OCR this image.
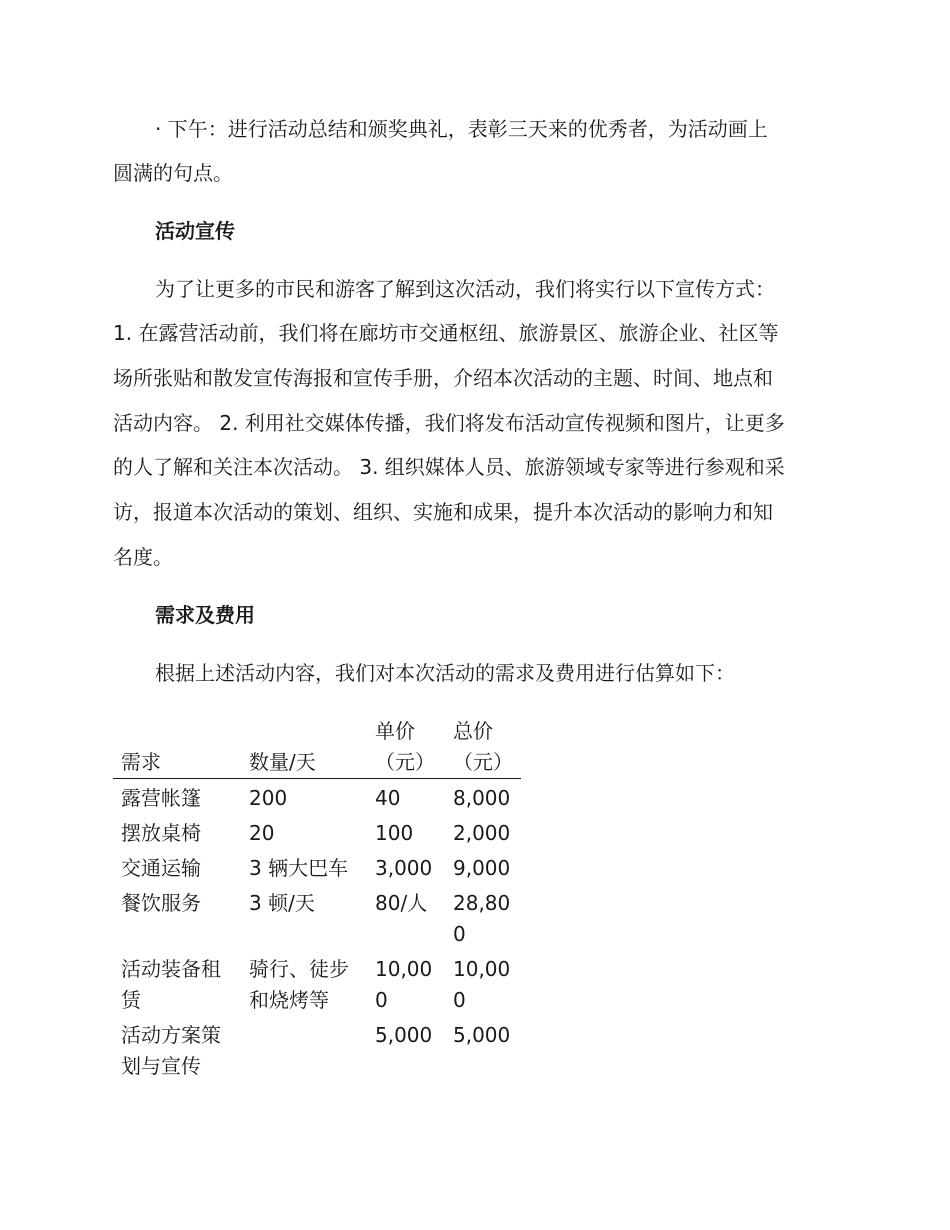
· 下午：进行活动总结和颁奖典礼，表彰三天来的优秀者，为活动画上
圆满的句点。
活动宣传
为了让更多的市民和游客了解到这次活动，我们将实行以下宣传方式：
1. 在露营活动前，我们将在廊坊市交通枢纽、旅游景区、旅游企业、社区等
场所张贴和散发宣传海报和宣传手册，介绍本次活动的主题、时间、地点和
活动内容。 2. 利用社交媒体传播，我们将发布活动宣传视频和图片，让更多
的人了解和关注本次活动。 3. 组织媒体人员、旅游领域专家等进行参观和采
访，报道本次活动的策划、组织、实施和成果，提升本次活动的影响力和知
名度。
需求及费用
根据上述活动内容，我们对本次活动的需求及费用进行估算如下：
需求	数量/天	单价（元）	总价（元）
露营帐篷	200	40	8,000
摆放桌椅	20	100	2,000
交通运输	3 辆大巴车	3,000	9,000
餐饮服务	3 顿/天	80/人	28,800
活动装备租赁	骑行、徒步和烧烤等	10,000	10,000
活动方案策划与宣传		5,000	5,000
